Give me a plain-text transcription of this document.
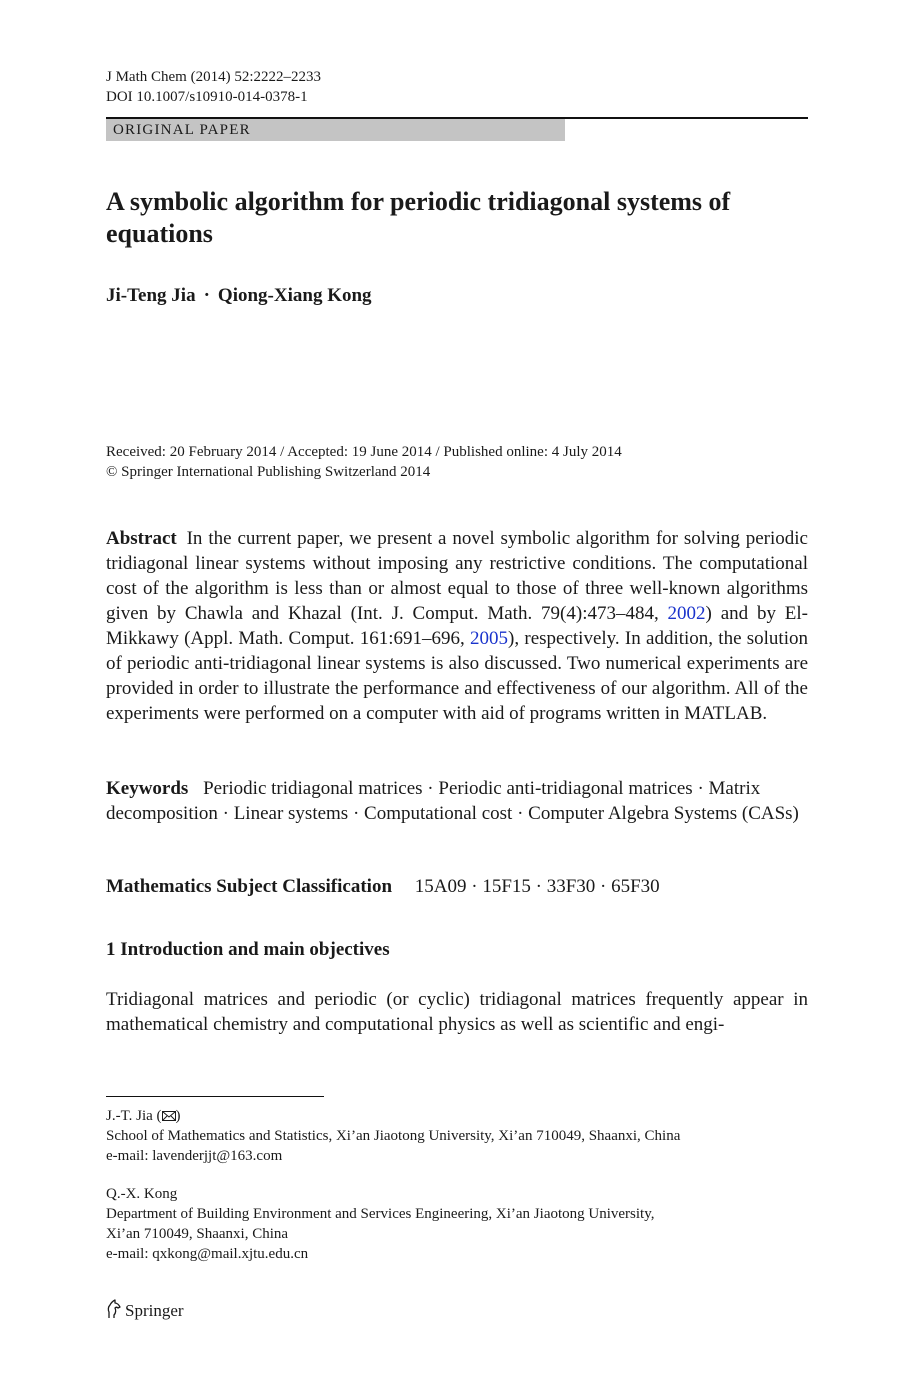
J Math Chem (2014) 52:2222–2233
DOI 10.1007/s10910-014-0378-1
ORIGINAL PAPER
A symbolic algorithm for periodic tridiagonal systems of equations
Ji-Teng Jia · Qiong-Xiang Kong
Received: 20 February 2014 / Accepted: 19 June 2014 / Published online: 4 July 2014
© Springer International Publishing Switzerland 2014

Abstract In the current paper, we present a novel symbolic algorithm for solving periodic tridiagonal linear systems without imposing any restrictive conditions. The computational cost of the algorithm is less than or almost equal to those of three well-known algorithms given by Chawla and Khazal (Int. J. Comput. Math. 79(4):473–484, 2002) and by El-Mikkawy (Appl. Math. Comput. 161:691–696, 2005), respectively. In addition, the solution of periodic anti-tridiagonal linear systems is also discussed. Two numerical experiments are provided in order to illustrate the performance and effectiveness of our algorithm. All of the experiments were performed on a computer with aid of programs written in MATLAB.

Keywords Periodic tridiagonal matrices · Periodic anti-tridiagonal matrices · Matrix decomposition · Linear systems · Computational cost · Computer Algebra Systems (CASs)
Mathematics Subject Classification 15A09 · 15F15 · 33F30 · 65F30
1 Introduction and main objectives
Tridiagonal matrices and periodic (or cyclic) tridiagonal matrices frequently appear in mathematical chemistry and computational physics as well as scientific and engi-
J.-T. Jia ( )
School of Mathematics and Statistics, Xi’an Jiaotong University, Xi’an 710049, Shaanxi, China
e-mail: lavenderjjt@163.com
Q.-X. Kong
Department of Building Environment and Services Engineering, Xi’an Jiaotong University,
Xi’an 710049, Shaanxi, China
e-mail: qxkong@mail.xjtu.edu.cn
Springer
